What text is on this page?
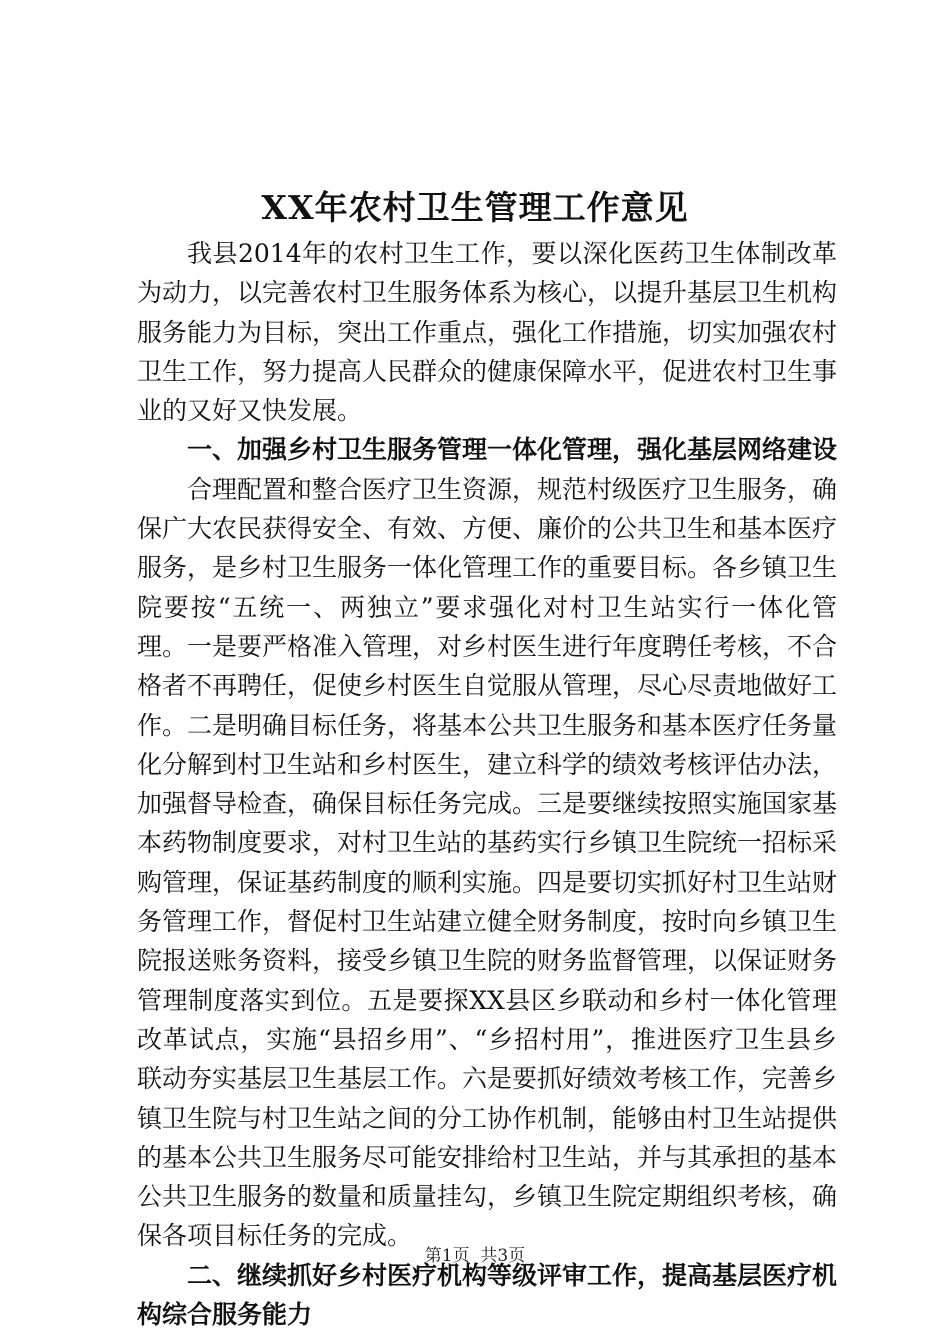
XX年农村卫生管理工作意见

我县2014年的农村卫生工作，要以深化医药卫生体制改革为动力，以完善农村卫生服务体系为核心，以提升基层卫生机构服务能力为目标，突出工作重点，强化工作措施，切实加强农村卫生工作，努力提高人民群众的健康保障水平，促进农村卫生事业的又好又快发展。

一、加强乡村卫生服务管理一体化管理，强化基层网络建设

合理配置和整合医疗卫生资源，规范村级医疗卫生服务，确保广大农民获得安全、有效、方便、廉价的公共卫生和基本医疗服务，是乡村卫生服务一体化管理工作的重要目标。各乡镇卫生院要按“五统一、两独立”要求强化对村卫生站实行一体化管理。一是要严格准入管理，对乡村医生进行年度聘任考核，不合格者不再聘任，促使乡村医生自觉服从管理，尽心尽责地做好工作。二是明确目标任务，将基本公共卫生服务和基本医疗任务量化分解到村卫生站和乡村医生，建立科学的绩效考核评估办法，加强督导检查，确保目标任务完成。三是要继续按照实施国家基本药物制度要求，对村卫生站的基药实行乡镇卫生院统一招标采购管理，保证基药制度的顺利实施。四是要切实抓好村卫生站财务管理工作，督促村卫生站建立健全财务制度，按时向乡镇卫生院报送账务资料，接受乡镇卫生院的财务监督管理，以保证财务管理制度落实到位。五是要探XX县区乡联动和乡村一体化管理改革试点，实施“县招乡用”、“乡招村用”，推进医疗卫生县乡联动夯实基层卫生基层工作。六是要抓好绩效考核工作，完善乡镇卫生院与村卫生站之间的分工协作机制，能够由村卫生站提供的基本公共卫生服务尽可能安排给村卫生站，并与其承担的基本公共卫生服务的数量和质量挂勾，乡镇卫生院定期组织考核，确保各项目标任务的完成。

二、继续抓好乡村医疗机构等级评审工作，提高基层医疗机构综合服务能力

第1页 共3页
